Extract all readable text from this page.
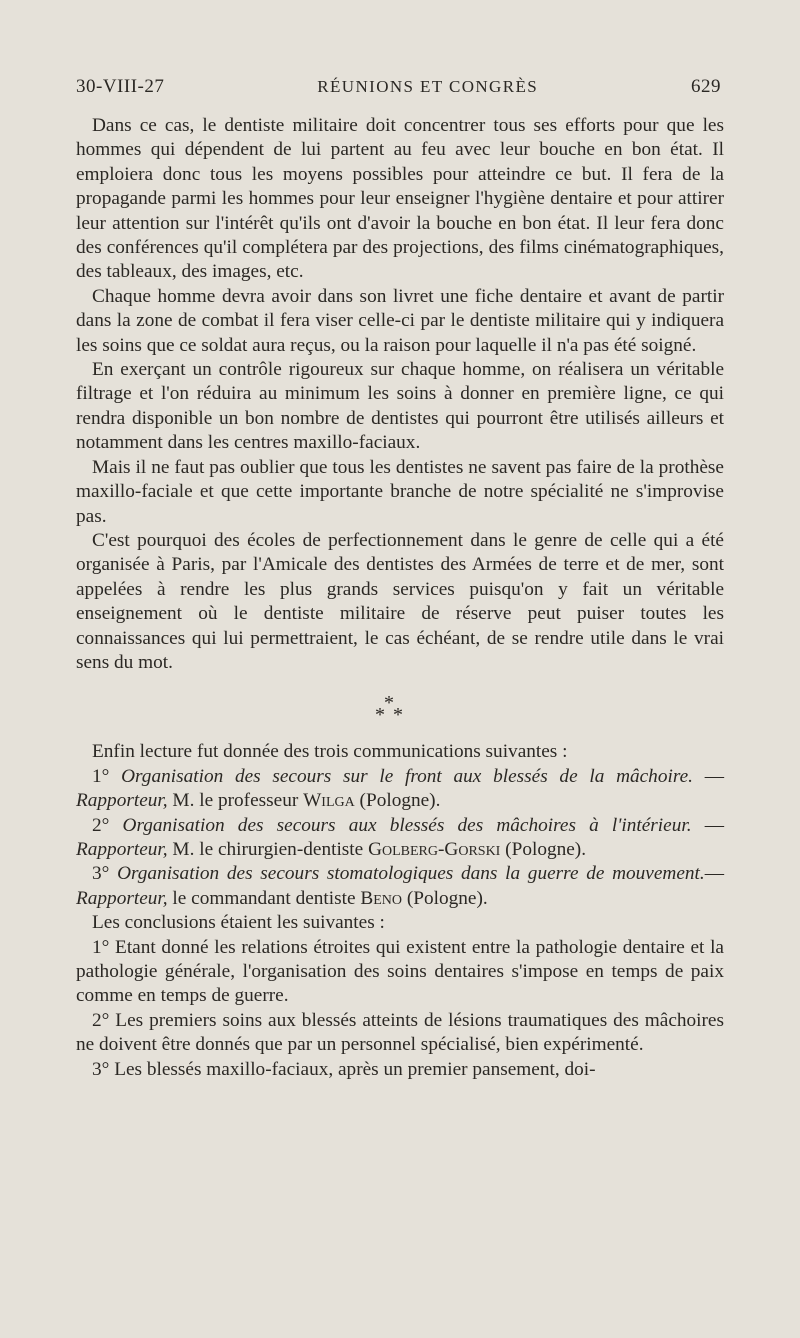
30-VIII-27	RÉUNIONS ET CONGRÈS	629

Dans ce cas, le dentiste militaire doit concentrer tous ses efforts pour que les hommes qui dépendent de lui partent au feu avec leur bouche en bon état. Il emploiera donc tous les moyens possibles pour atteindre ce but. Il fera de la propagande parmi les hommes pour leur enseigner l'hygiène dentaire et pour attirer leur attention sur l'intérêt qu'ils ont d'avoir la bouche en bon état. Il leur fera donc des conférences qu'il complétera par des projections, des films cinématographiques, des tableaux, des images, etc.

Chaque homme devra avoir dans son livret une fiche dentaire et avant de partir dans la zone de combat il fera viser celle-ci par le dentiste militaire qui y indiquera les soins que ce soldat aura reçus, ou la raison pour laquelle il n'a pas été soigné.

En exerçant un contrôle rigoureux sur chaque homme, on réalisera un véritable filtrage et l'on réduira au minimum les soins à donner en première ligne, ce qui rendra disponible un bon nombre de dentistes qui pourront être utilisés ailleurs et notamment dans les centres maxillo-faciaux.

Mais il ne faut pas oublier que tous les dentistes ne savent pas faire de la prothèse maxillo-faciale et que cette importante branche de notre spécialité ne s'improvise pas.

C'est pourquoi des écoles de perfectionnement dans le genre de celle qui a été organisée à Paris, par l'Amicale des dentistes des Armées de terre et de mer, sont appelées à rendre les plus grands services puisqu'on y fait un véritable enseignement où le dentiste militaire de réserve peut puiser toutes les connaissances qui lui permettraient, le cas échéant, de se rendre utile dans le vrai sens du mot.

*
* *

Enfin lecture fut donnée des trois communications suivantes :

1° Organisation des secours sur le front aux blessés de la mâchoire. — Rapporteur, M. le professeur Wilga (Pologne).

2° Organisation des secours aux blessés des mâchoires à l'intérieur. — Rapporteur, M. le chirurgien-dentiste Golberg-Gorski (Pologne).

3° Organisation des secours stomatologiques dans la guerre de mouvement.—Rapporteur, le commandant dentiste Beno (Pologne).

Les conclusions étaient les suivantes :

1° Etant donné les relations étroites qui existent entre la pathologie dentaire et la pathologie générale, l'organisation des soins dentaires s'impose en temps de paix comme en temps de guerre.

2° Les premiers soins aux blessés atteints de lésions traumatiques des mâchoires ne doivent être donnés que par un personnel spécialisé, bien expérimenté.

3° Les blessés maxillo-faciaux, après un premier pansement, doi-
